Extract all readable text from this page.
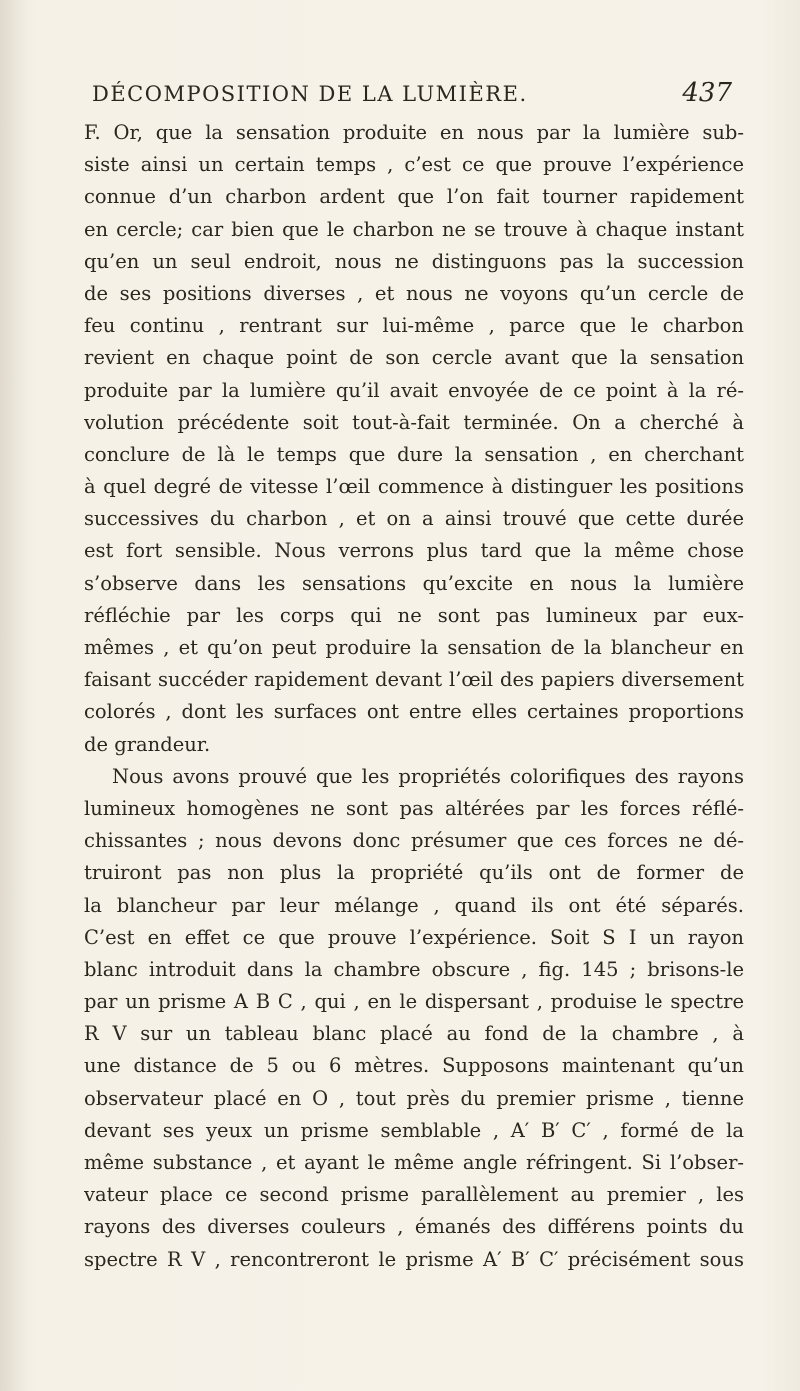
DÉCOMPOSITION DE LA LUMIÈRE.	437
F. Or, que la sensation produite en nous par la lumière sub-
siste ainsi un certain temps , c’est ce que prouve l’expérience
connue d’un charbon ardent que l’on fait tourner rapidement
en cercle; car bien que le charbon ne se trouve à chaque instant
qu’en un seul endroit, nous ne distinguons pas la succession
de ses positions diverses , et nous ne voyons qu’un cercle de
feu continu , rentrant sur lui-même , parce que le charbon
revient en chaque point de son cercle avant que la sensation
produite par la lumière qu’il avait envoyée de ce point à la ré-
volution précédente soit tout-à-fait terminée. On a cherché à
conclure de là le temps que dure la sensation , en cherchant
à quel degré de vitesse l’œil commence à distinguer les positions
successives du charbon , et on a ainsi trouvé que cette durée
est fort sensible. Nous verrons plus tard que la même chose
s’observe dans les sensations qu’excite en nous la lumière
réfléchie par les corps qui ne sont pas lumineux par eux-
mêmes , et qu’on peut produire la sensation de la blancheur en
faisant succéder rapidement devant l’œil des papiers diversement
colorés , dont les surfaces ont entre elles certaines proportions
de grandeur.
Nous avons prouvé que les propriétés colorifiques des rayons
lumineux homogènes ne sont pas altérées par les forces réflé-
chissantes ; nous devons donc présumer que ces forces ne dé-
truiront pas non plus la propriété qu’ils ont de former de
la blancheur par leur mélange , quand ils ont été séparés.
C’est en effet ce que prouve l’expérience. Soit S I un rayon
blanc introduit dans la chambre obscure , fig. 145 ; brisons-le
par un prisme A B C , qui , en le dispersant , produise le spectre
R V sur un tableau blanc placé au fond de la chambre , à
une distance de 5 ou 6 mètres. Supposons maintenant qu’un
observateur placé en O , tout près du premier prisme , tienne
devant ses yeux un prisme semblable , A′ B′ C′ , formé de la
même substance , et ayant le même angle réfringent. Si l’obser-
vateur place ce second prisme parallèlement au premier , les
rayons des diverses couleurs , émanés des différens points du
spectre R V , rencontreront le prisme A′ B′ C′ précisément sous
